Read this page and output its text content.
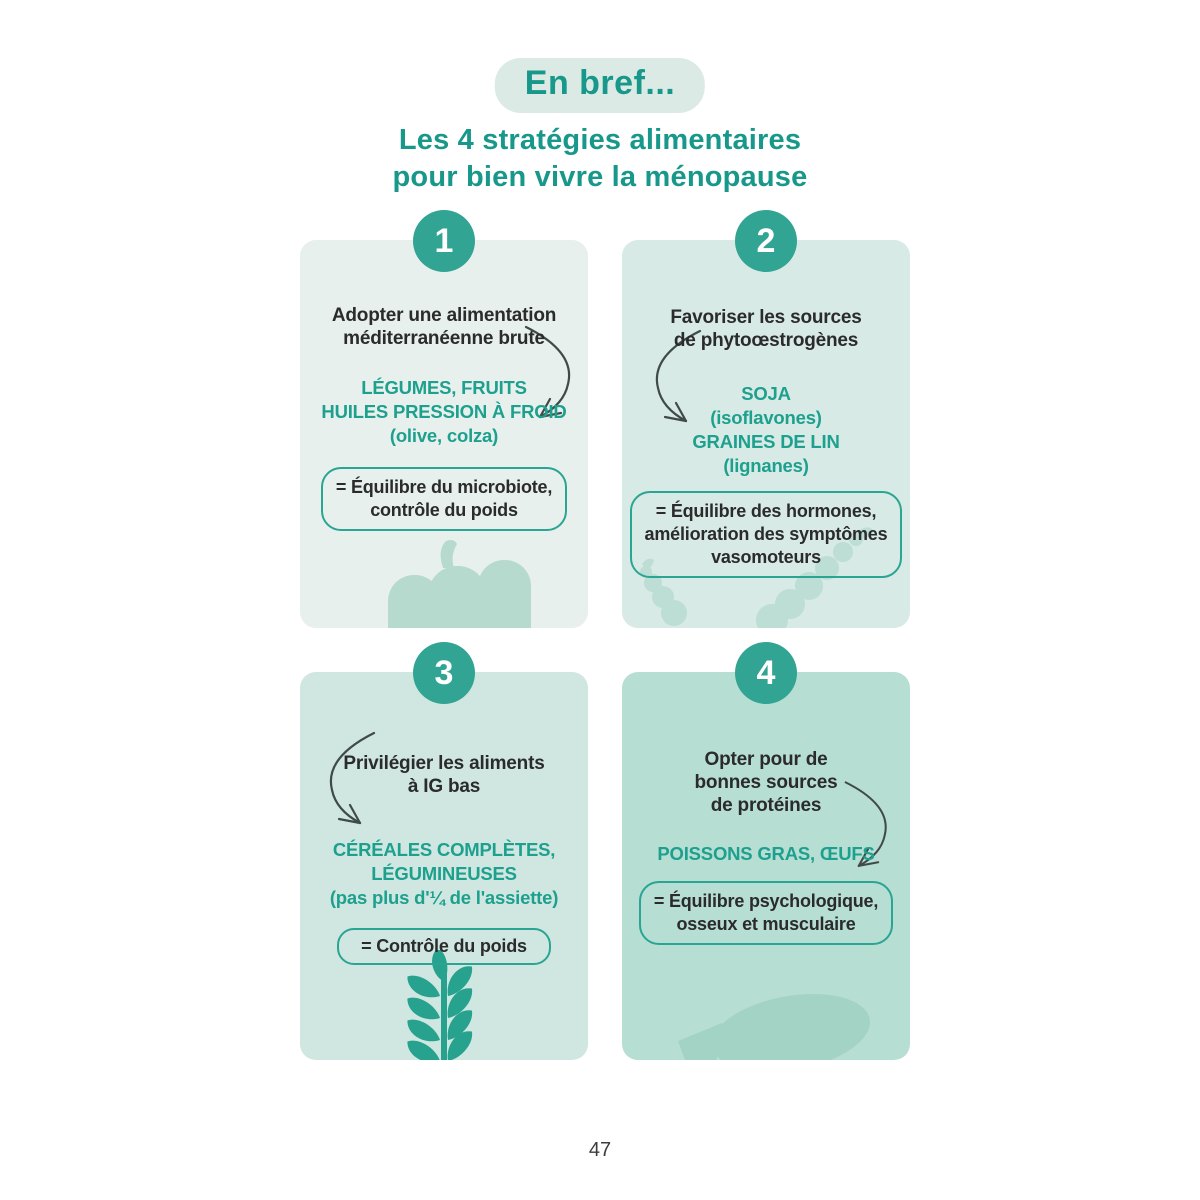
En bref...
Les 4 stratégies alimentaires
pour bien vivre la ménopause
1
Adopter une alimentation
méditerranéenne brute
LÉGUMES, FRUITS
HUILES PRESSION À FROID
(olive, colza)
= Équilibre du microbiote,
contrôle du poids
2
Favoriser les sources
de phytoœstrogènes
SOJA
(isoflavones)
GRAINES DE LIN
(lignanes)
= Équilibre des hormones,
amélioration des symptômes
vasomoteurs
3
Privilégier les aliments
à IG bas
CÉRÉALES COMPLÈTES,
LÉGUMINEUSES
(pas plus d'¼ de l'assiette)
= Contrôle du poids
4
Opter pour de
bonnes sources
de protéines
POISSONS GRAS, ŒUFS
= Équilibre psychologique,
osseux et musculaire
47
